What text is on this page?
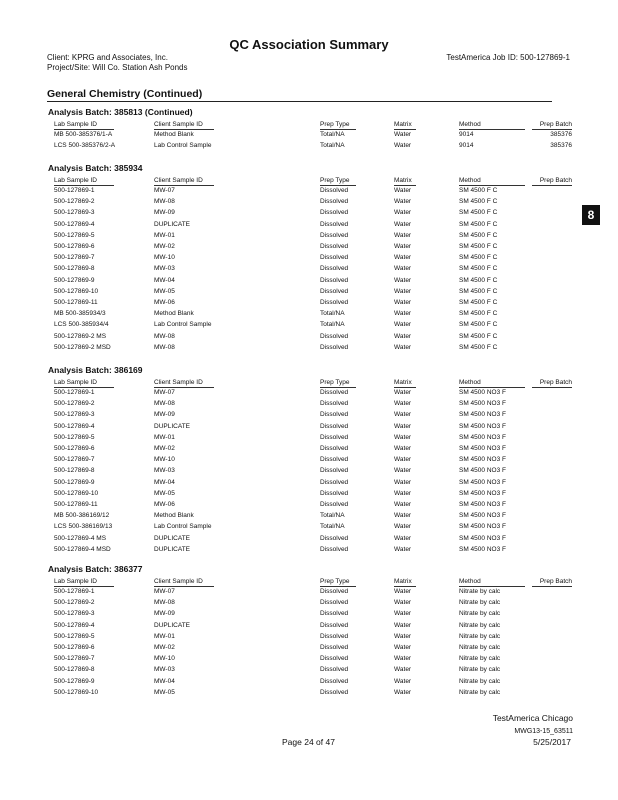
QC Association Summary
Client: KPRG and Associates, Inc.
Project/Site: Will Co. Station Ash Ponds
TestAmerica Job ID: 500-127869-1
General Chemistry (Continued)
8
Analysis Batch: 385813 (Continued)
Lab Sample ID	Client Sample ID	Prep Type	Matrix	Method	Prep Batch
MB 500-385376/1-A	Method Blank	Total/NA	Water	9014	385376
LCS 500-385376/2-A	Lab Control Sample	Total/NA	Water	9014	385376
Analysis Batch: 385934
Lab Sample ID	Client Sample ID	Prep Type	Matrix	Method	Prep Batch
500-127869-1	MW-07	Dissolved	Water	SM 4500 F C
500-127869-2	MW-08	Dissolved	Water	SM 4500 F C
500-127869-3	MW-09	Dissolved	Water	SM 4500 F C
500-127869-4	DUPLICATE	Dissolved	Water	SM 4500 F C
500-127869-5	MW-01	Dissolved	Water	SM 4500 F C
500-127869-6	MW-02	Dissolved	Water	SM 4500 F C
500-127869-7	MW-10	Dissolved	Water	SM 4500 F C
500-127869-8	MW-03	Dissolved	Water	SM 4500 F C
500-127869-9	MW-04	Dissolved	Water	SM 4500 F C
500-127869-10	MW-05	Dissolved	Water	SM 4500 F C
500-127869-11	MW-06	Dissolved	Water	SM 4500 F C
MB 500-385934/3	Method Blank	Total/NA	Water	SM 4500 F C
LCS 500-385934/4	Lab Control Sample	Total/NA	Water	SM 4500 F C
500-127869-2 MS	MW-08	Dissolved	Water	SM 4500 F C
500-127869-2 MSD	MW-08	Dissolved	Water	SM 4500 F C
Analysis Batch: 386169
Lab Sample ID	Client Sample ID	Prep Type	Matrix	Method	Prep Batch
500-127869-1	MW-07	Dissolved	Water	SM 4500 NO3 F
500-127869-2	MW-08	Dissolved	Water	SM 4500 NO3 F
500-127869-3	MW-09	Dissolved	Water	SM 4500 NO3 F
500-127869-4	DUPLICATE	Dissolved	Water	SM 4500 NO3 F
500-127869-5	MW-01	Dissolved	Water	SM 4500 NO3 F
500-127869-6	MW-02	Dissolved	Water	SM 4500 NO3 F
500-127869-7	MW-10	Dissolved	Water	SM 4500 NO3 F
500-127869-8	MW-03	Dissolved	Water	SM 4500 NO3 F
500-127869-9	MW-04	Dissolved	Water	SM 4500 NO3 F
500-127869-10	MW-05	Dissolved	Water	SM 4500 NO3 F
500-127869-11	MW-06	Dissolved	Water	SM 4500 NO3 F
MB 500-386169/12	Method Blank	Total/NA	Water	SM 4500 NO3 F
LCS 500-386169/13	Lab Control Sample	Total/NA	Water	SM 4500 NO3 F
500-127869-4 MS	DUPLICATE	Dissolved	Water	SM 4500 NO3 F
500-127869-4 MSD	DUPLICATE	Dissolved	Water	SM 4500 NO3 F
Analysis Batch: 386377
Lab Sample ID	Client Sample ID	Prep Type	Matrix	Method	Prep Batch
500-127869-1	MW-07	Dissolved	Water	Nitrate by calc
500-127869-2	MW-08	Dissolved	Water	Nitrate by calc
500-127869-3	MW-09	Dissolved	Water	Nitrate by calc
500-127869-4	DUPLICATE	Dissolved	Water	Nitrate by calc
500-127869-5	MW-01	Dissolved	Water	Nitrate by calc
500-127869-6	MW-02	Dissolved	Water	Nitrate by calc
500-127869-7	MW-10	Dissolved	Water	Nitrate by calc
500-127869-8	MW-03	Dissolved	Water	Nitrate by calc
500-127869-9	MW-04	Dissolved	Water	Nitrate by calc
500-127869-10	MW-05	Dissolved	Water	Nitrate by calc
TestAmerica Chicago
Page 24 of 47
MWG13-15_63511
5/25/2017
